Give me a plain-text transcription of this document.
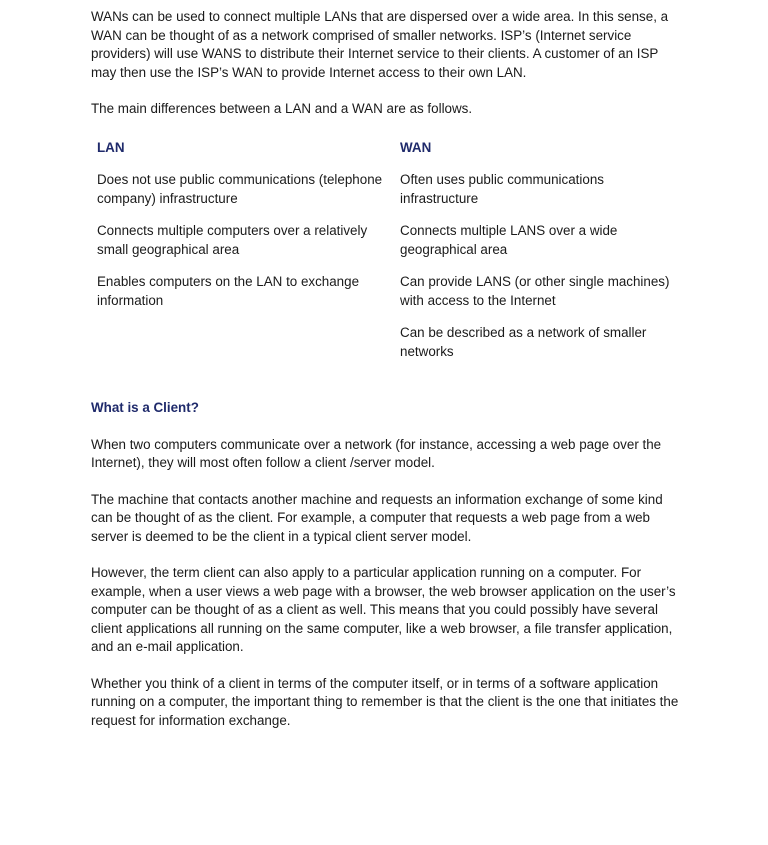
WANs can be used to connect multiple LANs that are dispersed over a wide area. In this sense, a WAN can be thought of as a network comprised of smaller networks. ISP’s (Internet service providers) will use WANS to distribute their Internet service to their clients. A customer of an ISP may then use the ISP’s WAN to provide Internet access to their own LAN.

The main differences between a LAN and a WAN are as follows.

LAN	WAN
Does not use public communications (telephone company) infrastructure	Often uses public communications infrastructure
Connects multiple computers over a relatively small geographical area	Connects multiple LANS over a wide geographical area
Enables computers on the LAN to exchange information	Can provide LANS (or other single machines) with access to the Internet
	Can be described as a network of smaller networks
What is a Client?

When two computers communicate over a network (for instance, accessing a web page over the Internet), they will most often follow a client /server model.

The machine that contacts another machine and requests an information exchange of some kind can be thought of as the client. For example, a computer that requests a web page from a web server is deemed to be the client in a typical client server model.

However, the term client can also apply to a particular application running on a computer. For example, when a user views a web page with a browser, the web browser application on the user’s computer can be thought of as a client as well. This means that you could possibly have several client applications all running on the same computer, like a web browser, a file transfer application, and an e-mail application.

Whether you think of a client in terms of the computer itself, or in terms of a software application running on a computer, the important thing to remember is that the client is the one that initiates the request for information exchange.
